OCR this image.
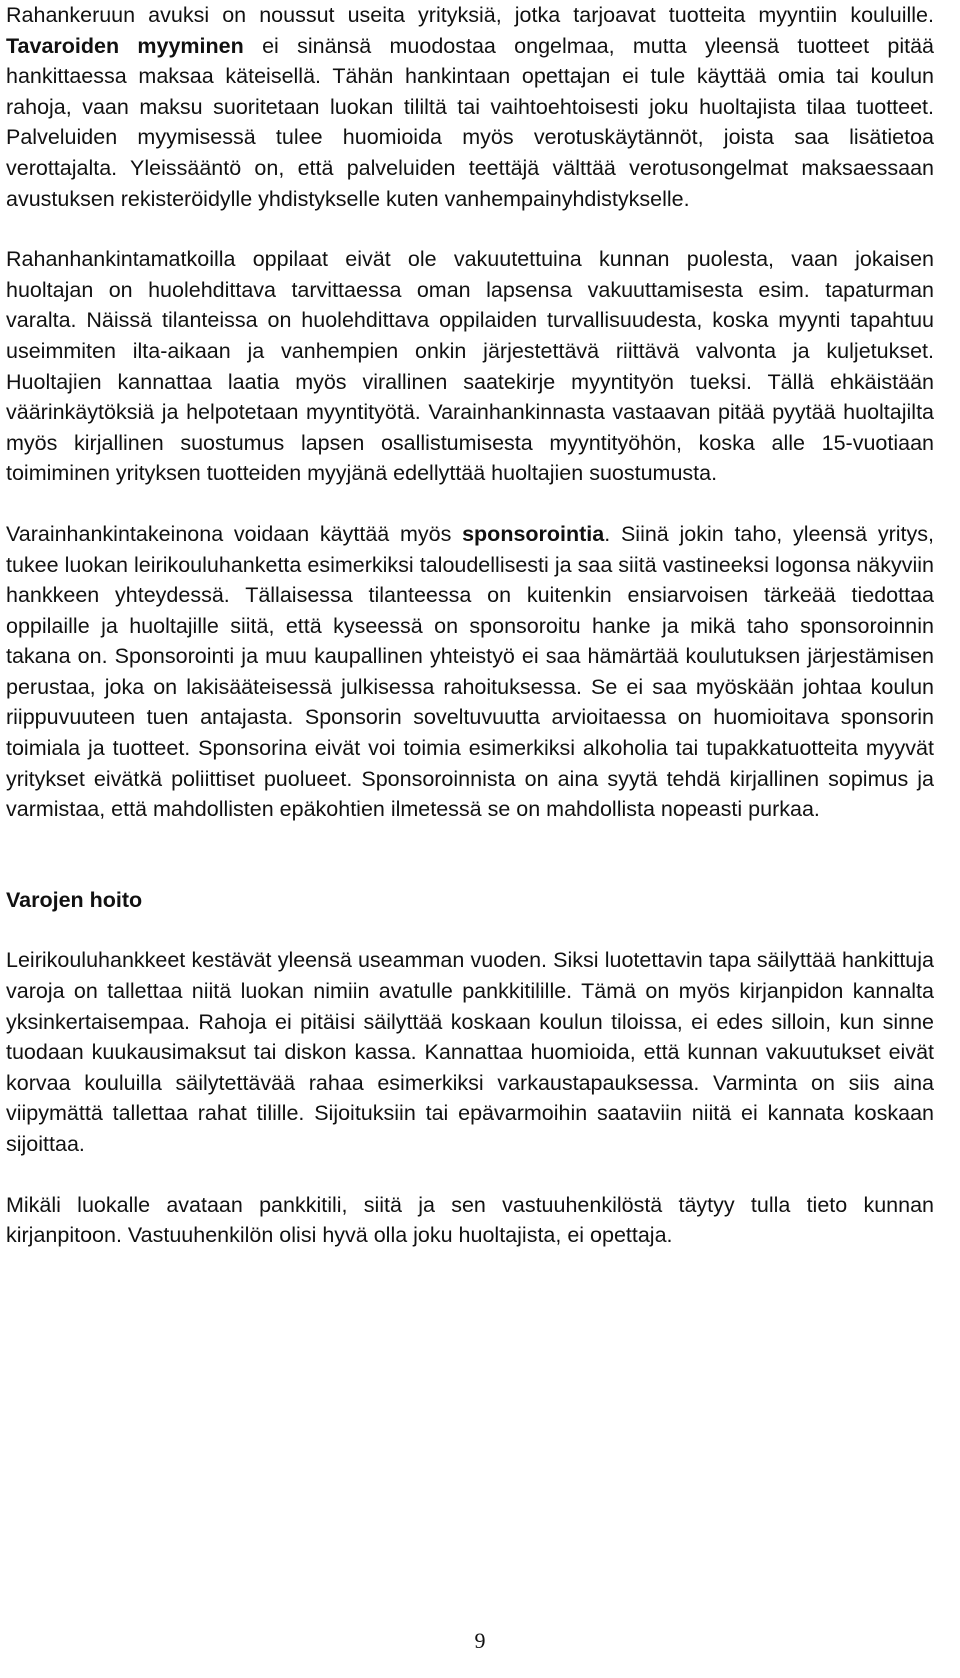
Rahankeruun avuksi on noussut useita yrityksiä, jotka tarjoavat tuotteita myyntiin kouluille. Tavaroiden myyminen ei sinänsä muodostaa ongelmaa, mutta yleensä tuotteet pitää hankittaessa maksaa käteisellä. Tähän hankintaan opettajan ei tule käyttää omia tai koulun rahoja, vaan maksu suoritetaan luokan tililtä tai vaihtoehtoisesti joku huoltajista tilaa tuotteet. Palveluiden myymisessä tulee huomioida myös verotuskäytännöt, joista saa lisätietoa verottajalta. Yleissääntö on, että palveluiden teettäjä välttää verotusongelmat maksaessaan avustuksen rekisteröidylle yhdistykselle kuten vanhempainyhdistykselle.

Rahanhankintamatkoilla oppilaat eivät ole vakuutettuina kunnan puolesta, vaan jokaisen huoltajan on huolehdittava tarvittaessa oman lapsensa vakuuttamisesta esim. tapaturman varalta. Näissä tilanteissa on huolehdittava oppilaiden turvallisuudesta, koska myynti tapahtuu useimmiten ilta-aikaan ja vanhempien onkin järjestettävä riittävä valvonta ja kuljetukset. Huoltajien kannattaa laatia myös virallinen saatekirje myyntityön tueksi. Tällä ehkäistään väärinkäytöksiä ja helpotetaan myyntityötä. Varainhankinnasta vastaavan pitää pyytää huoltajilta myös kirjallinen suostumus lapsen osallistumisesta myyntityöhön, koska alle 15-vuotiaan toimiminen yrityksen tuotteiden myyjänä edellyttää huoltajien suostumusta.

Varainhankintakeinona voidaan käyttää myös sponsorointia. Siinä jokin taho, yleensä yritys, tukee luokan leirikouluhanketta esimerkiksi taloudellisesti ja saa siitä vastineeksi logonsa näkyviin hankkeen yhteydessä. Tällaisessa tilanteessa on kuitenkin ensiarvoisen tärkeää tiedottaa oppilaille ja huoltajille siitä, että kyseessä on sponsoroitu hanke ja mikä taho sponsoroinnin takana on. Sponsorointi ja muu kaupallinen yhteistyö ei saa hämärtää koulutuksen järjestämisen perustaa, joka on lakisääteisessä julkisessa rahoituksessa. Se ei saa myöskään johtaa koulun riippuvuuteen tuen antajasta. Sponsorin soveltuvuutta arvioitaessa on huomioitava sponsorin toimiala ja tuotteet. Sponsorina eivät voi toimia esimerkiksi alkoholia tai tupakkatuotteita myyvät yritykset eivätkä poliittiset puolueet. Sponsoroinnista on aina syytä tehdä kirjallinen sopimus ja varmistaa, että mahdollisten epäkohtien ilmetessä se on mahdollista nopeasti purkaa.

Varojen hoito

Leirikouluhankkeet kestävät yleensä useamman vuoden. Siksi luotettavin tapa säilyttää hankittuja varoja on tallettaa niitä luokan nimiin avatulle pankkitilille. Tämä on myös kirjanpidon kannalta yksinkertaisempaa. Rahoja ei pitäisi säilyttää koskaan koulun tiloissa, ei edes silloin, kun sinne tuodaan kuukausimaksut tai diskon kassa. Kannattaa huomioida, että kunnan vakuutukset eivät korvaa kouluilla säilytettävää rahaa esimerkiksi varkaustapauksessa. Varminta on siis aina viipymättä tallettaa rahat tilille. Sijoituksiin tai epävarmoihin saataviin niitä ei kannata koskaan sijoittaa.

Mikäli luokalle avataan pankkitili, siitä ja sen vastuuhenkilöstä täytyy tulla tieto kunnan kirjanpitoon. Vastuuhenkilön olisi hyvä olla joku huoltajista, ei opettaja.

9
